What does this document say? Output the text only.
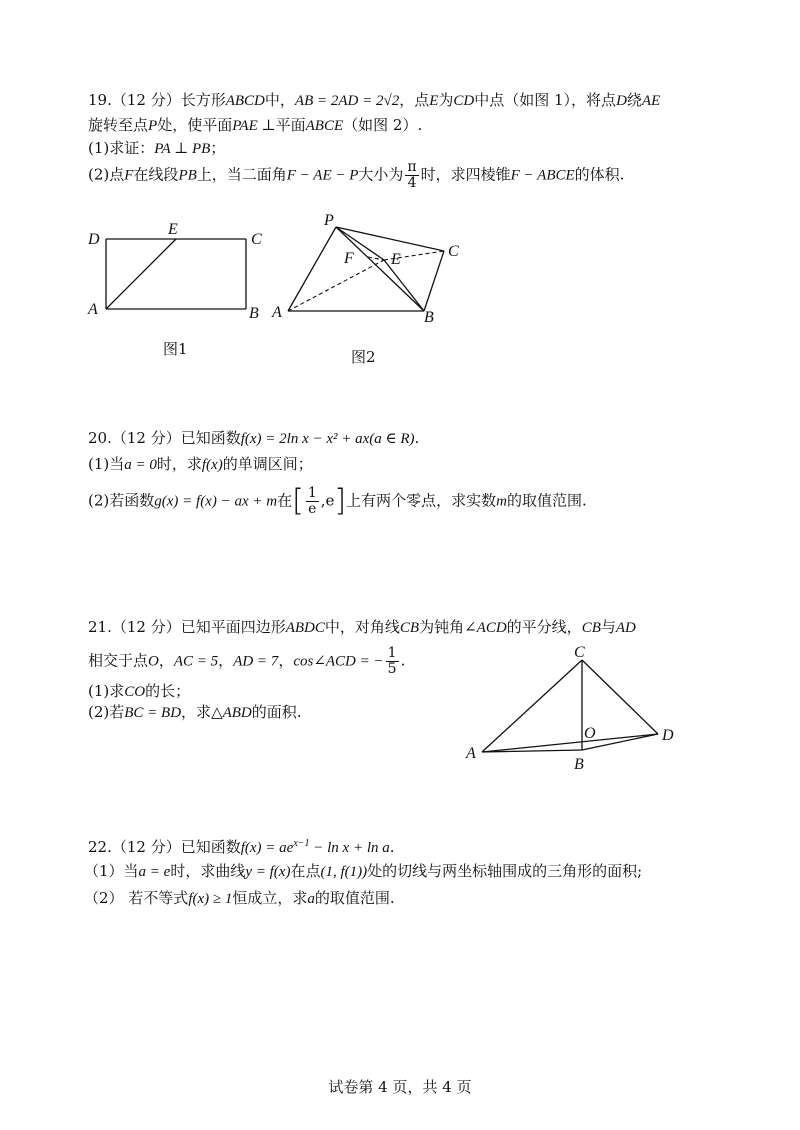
19.（12 分）长方形ABCD中，AB = 2AD = 2√2，点E为CD中点（如图 1），将点D绕AE
旋转至点P处，使平面PAE ⊥平面ABCE（如图 2）.
(1)求证：PA ⊥ PB；
(2)点F在线段PB上，当二面角F − AE − P大小为 $\frac{\pi}{4}$ 时，求四棱锥F − ABCE的体积.
D
E
C
A	B
图1
P
F E	C
A	B
图2
20.（12 分）已知函数f(x) = 2ln x − x² + ax(a ∈ R).
(1)当a = 0时，求f(x)的单调区间；
(2)若函数g(x) = f(x) − ax + m在[ $\frac{1}{e} ,e$]上有两个零点，求实数m的取值范围.
21.（12 分）已知平面四边形ABDC中，对角线CB为钝角∠ACD的平分线，CB与AD
相交于点O，AC = 5，AD = 7，cos∠ACD = − $\frac{1}{5}$ .
(1)求CO的长；
(2)若BC = BD，求△ABD的面积.
C
O	D
A
B
22.（12 分）已知函数$f(x) = ae^{x-1} - \ln x + \ln a$.
（1）当a = e时，求曲线y = f(x)在点(1, f(1))处的切线与两坐标轴围成的三角形的面积;
（2） 若不等式f(x) ≥ 1恒成立，求a的取值范围.
试卷第 4 页，共 4 页
